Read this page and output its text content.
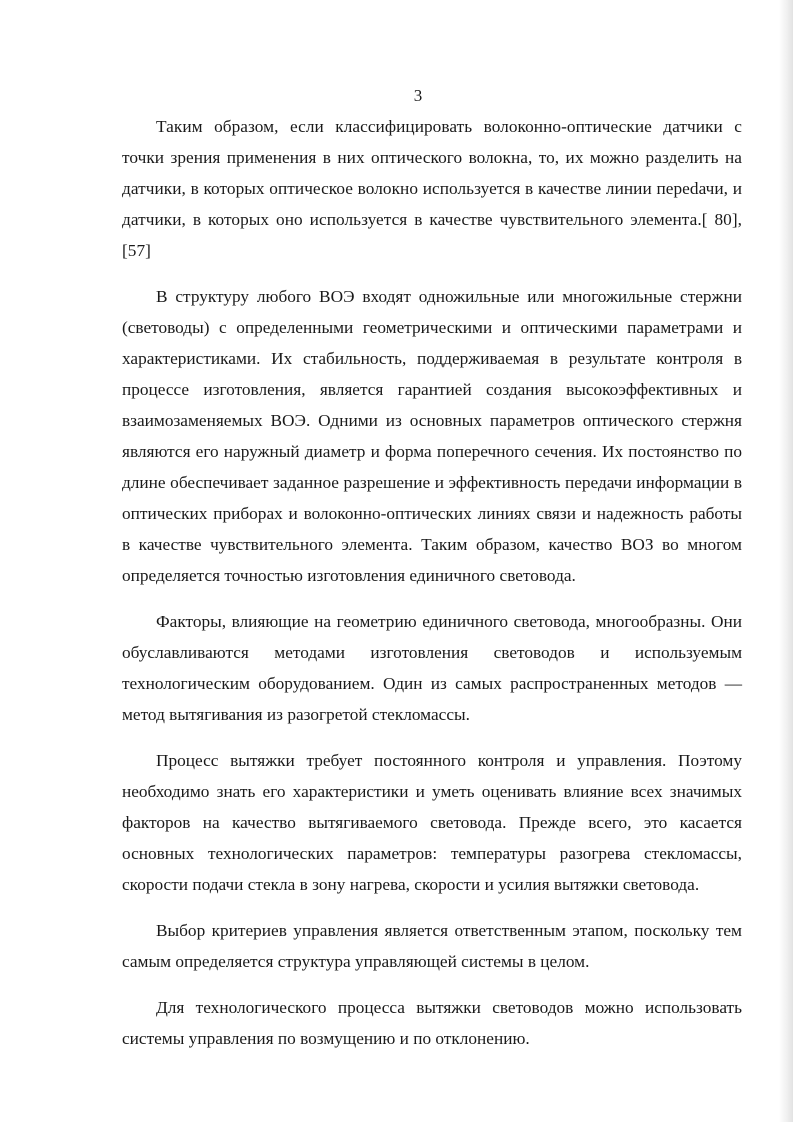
3

Таким образом, если классифицировать волоконно-оптические датчики с точки зрения применения в них оптического волокна, то, их можно разделить на датчики, в которых оптическое волокно используется в качестве линии переdачи, и датчики, в которых оно используется в качестве чувствительного элемента.[ 80], [57]

В структуру любого ВОЭ входят одножильные или многожильные стержни (световоды) с определенными геометрическими и оптическими параметрами и характеристиками. Их стабильность, поддерживаемая в результате контроля в процессе изготовления, является гарантией создания высокоэффективных и взаимозаменяемых ВОЭ. Одними из основных параметров оптического стержня являются его наружный диаметр и форма поперечного сечения. Их постоянство по длине обеспечивает заданное разрешение и эффективность передачи информации в оптических приборах и волоконно-оптических линиях связи и надежность работы в качестве чувствительного элемента. Таким образом, качество ВОЗ во многом определяется точностью изготовления единичного световода.

Факторы, влияющие на геометрию единичного световода, многообразны. Они обуславливаются методами изготовления световодов и используемым технологическим оборудованием. Один из самых распространенных методов — метод вытягивания из разогретой стекломассы.

Процесс вытяжки требует постоянного контроля и управления. Поэтому необходимо знать его характеристики и уметь оценивать влияние всех значимых факторов на качество вытягиваемого световода. Прежде всего, это касается основных технологических параметров: температуры разогрева стекломассы, скорости подачи стекла в зону нагрева, скорости и усилия вытяжки световода.

Выбор критериев управления является ответственным этапом, поскольку тем самым определяется структура управляющей системы в целом.

Для технологического процесса вытяжки световодов можно использовать системы управления по возмущению и по отклонению.
